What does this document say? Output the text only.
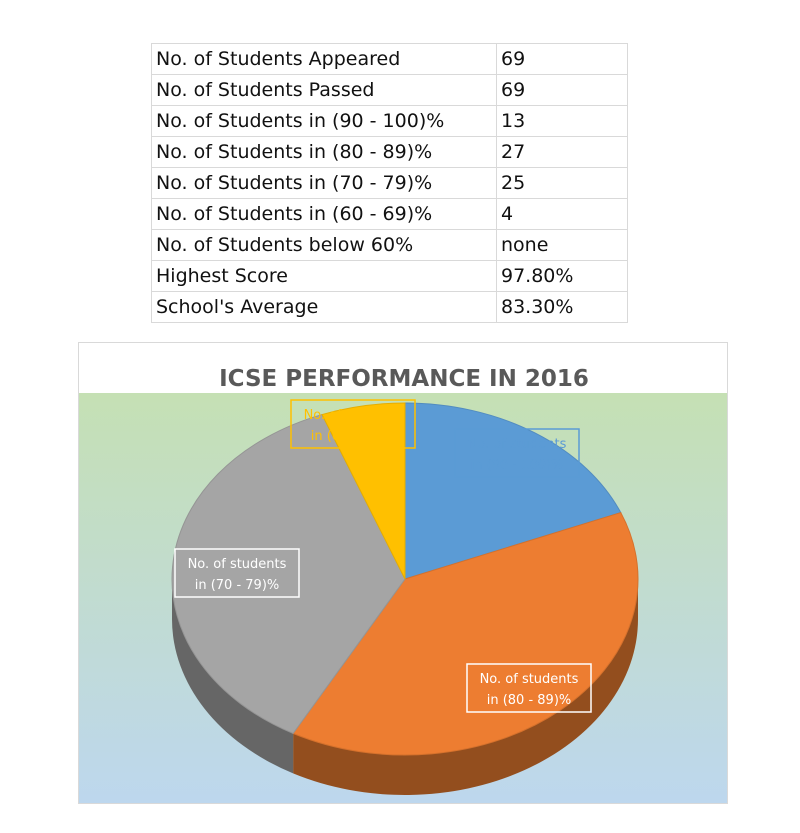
No. of Students Appeared	69
No. of Students Passed	69
No. of Students in (90 - 100)%	13
No. of Students in (80 - 89)%	27
No. of Students in (70 - 79)%	25
No. of Students in (60 - 69)%	4
No. of Students below 60%	none
Highest Score	97.80%
School's Average	83.30%
ICSE PERFORMANCE IN 2016
No. of students
in (90 - 100)%
No. of students
in (80 - 89)%
No. of students
in (70 - 79)%
No. of students
in (60 - 69)%
